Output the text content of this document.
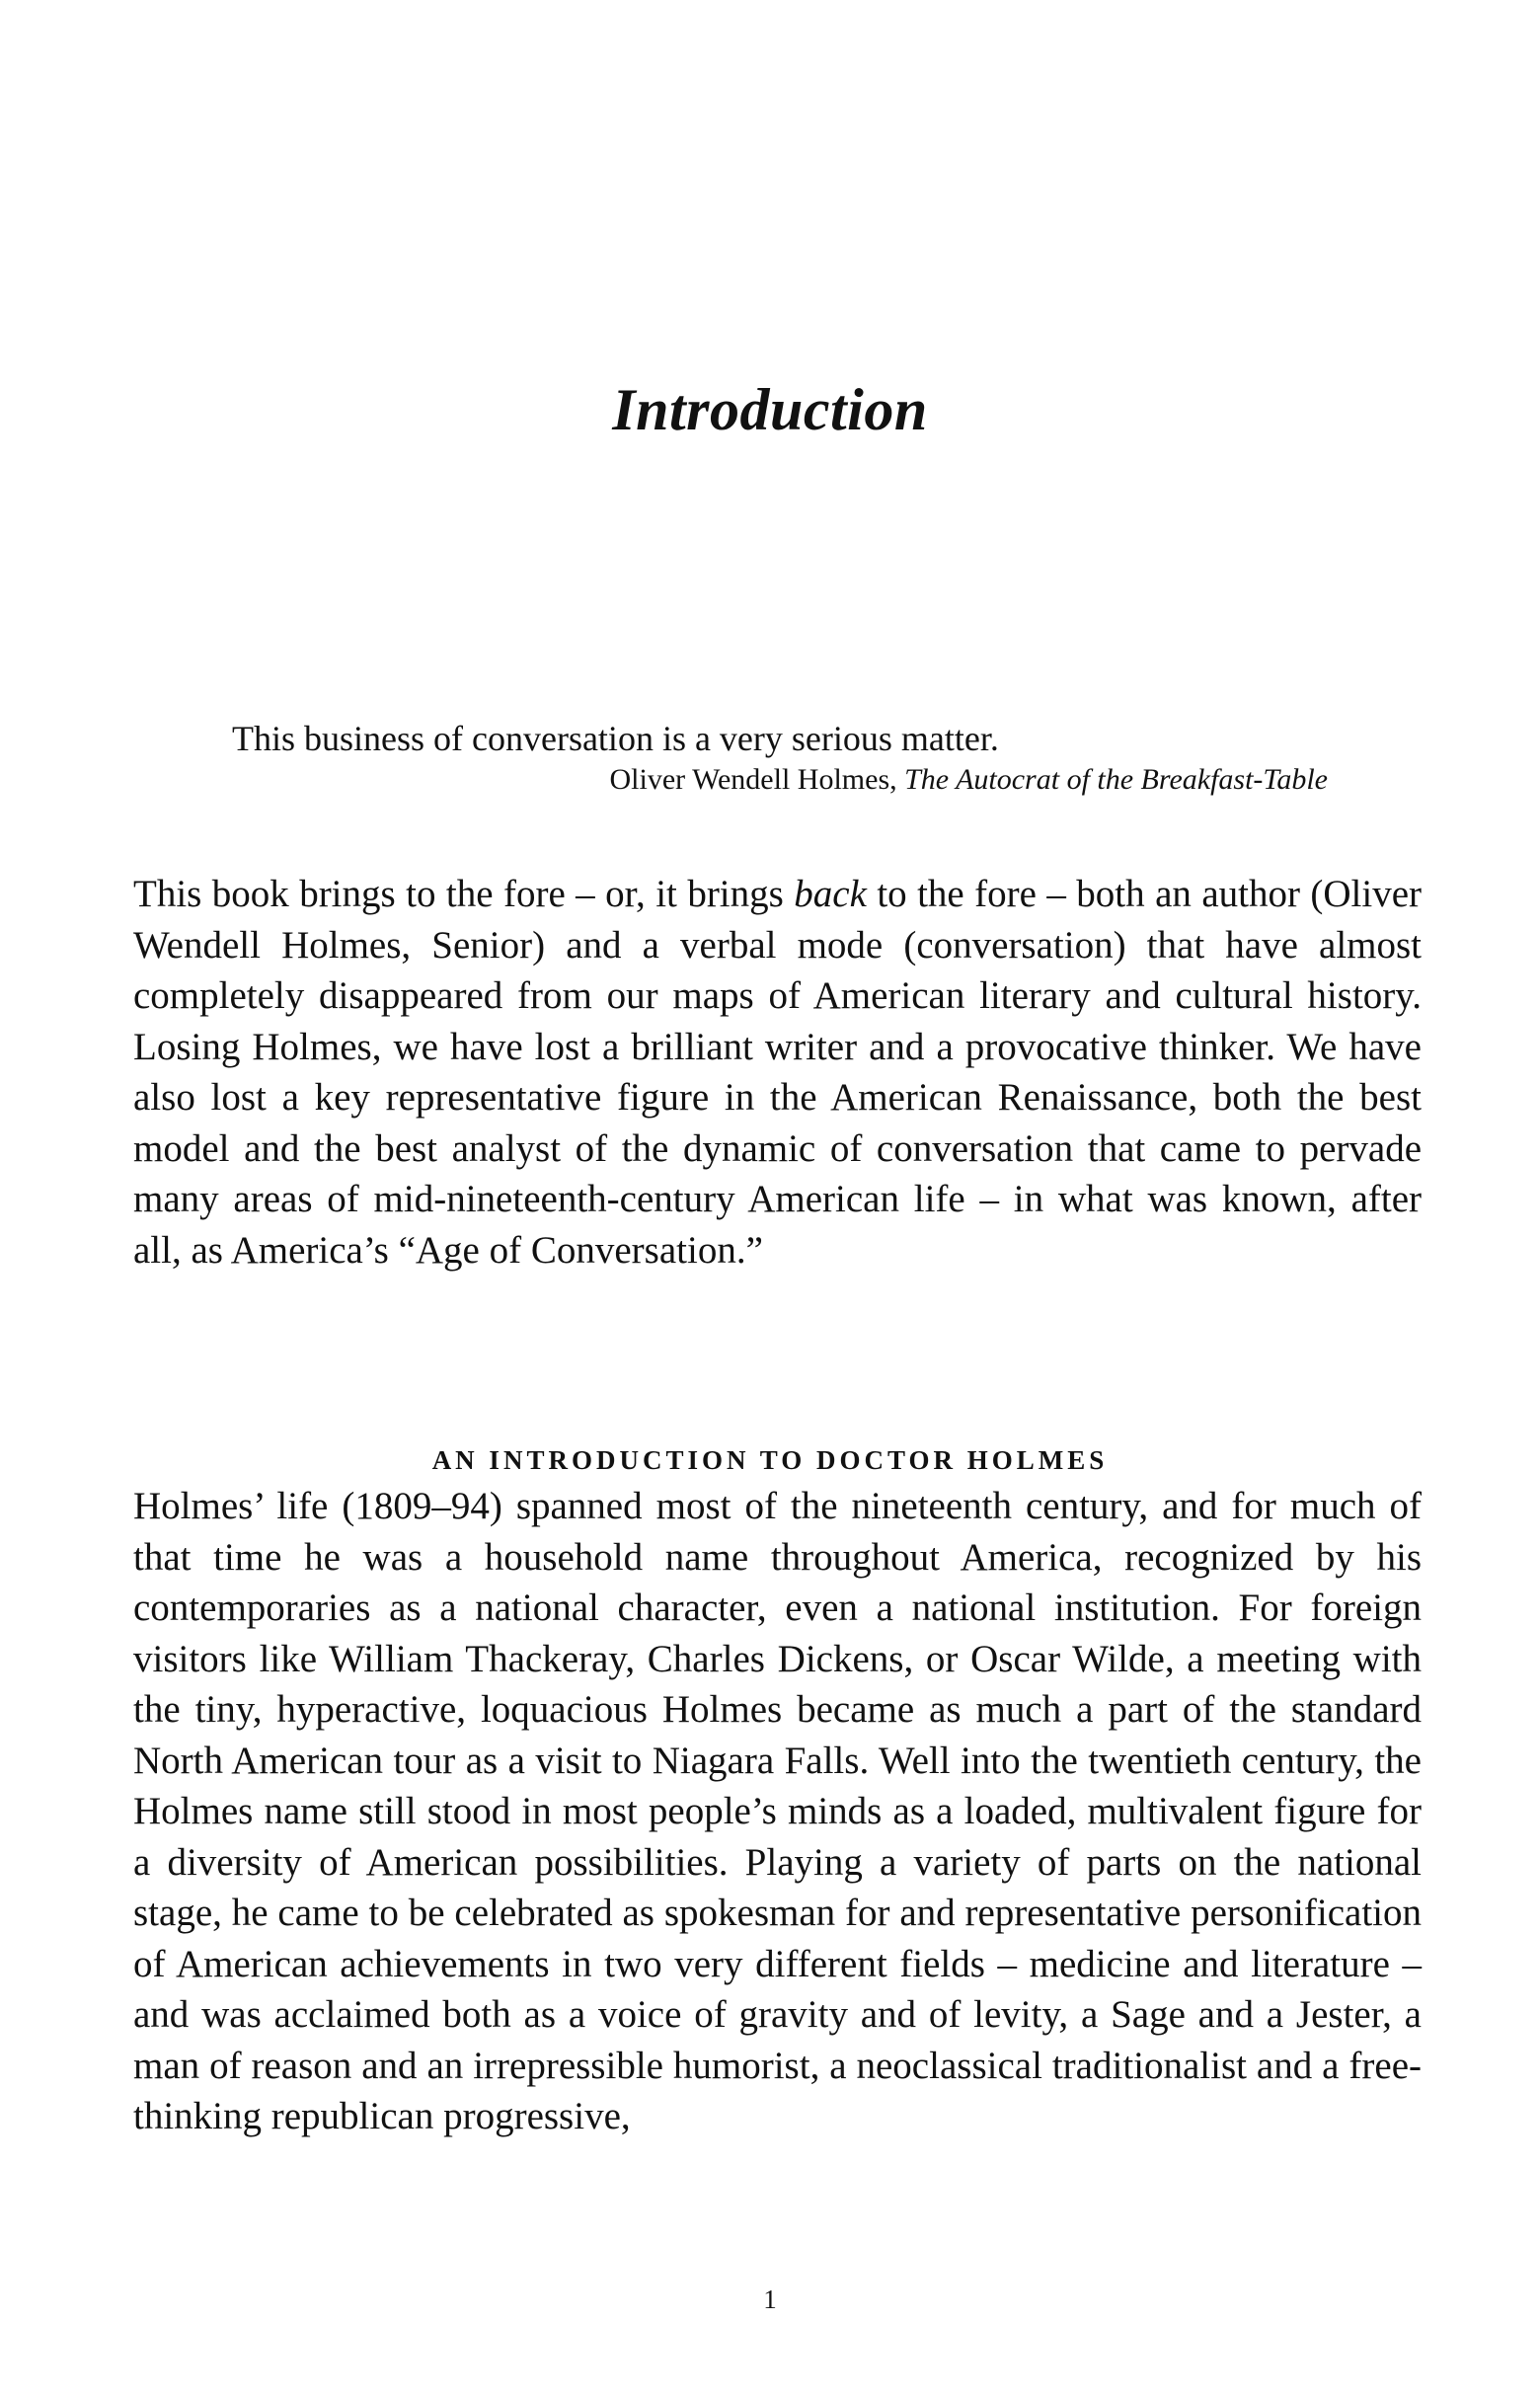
Introduction

This business of conversation is a very serious matter.

Oliver Wendell Holmes, The Autocrat of the Breakfast-Table

This book brings to the fore – or, it brings back to the fore – both an author (Oliver Wendell Holmes, Senior) and a verbal mode (conversation) that have almost completely disappeared from our maps of American literary and cultural history. Losing Holmes, we have lost a brilliant writer and a provocative thinker. We have also lost a key representative figure in the American Renaissance, both the best model and the best analyst of the dynamic of conversation that came to pervade many areas of mid-nineteenth-century American life – in what was known, after all, as America’s “Age of Conversation.”

AN INTRODUCTION TO DOCTOR HOLMES

Holmes’ life (1809–94) spanned most of the nineteenth century, and for much of that time he was a household name throughout America, recognized by his contemporaries as a national character, even a national institution. For foreign visitors like William Thackeray, Charles Dickens, or Oscar Wilde, a meeting with the tiny, hyperactive, loquacious Holmes became as much a part of the standard North American tour as a visit to Niagara Falls. Well into the twentieth century, the Holmes name still stood in most people’s minds as a loaded, multivalent figure for a diversity of American possibilities. Playing a variety of parts on the national stage, he came to be celebrated as spokesman for and representative personification of American achievements in two very different fields – medicine and literature – and was acclaimed both as a voice of gravity and of levity, a Sage and a Jester, a man of reason and an irrepressible humorist, a neoclassical traditionalist and a free-thinking republican progressive,

1
